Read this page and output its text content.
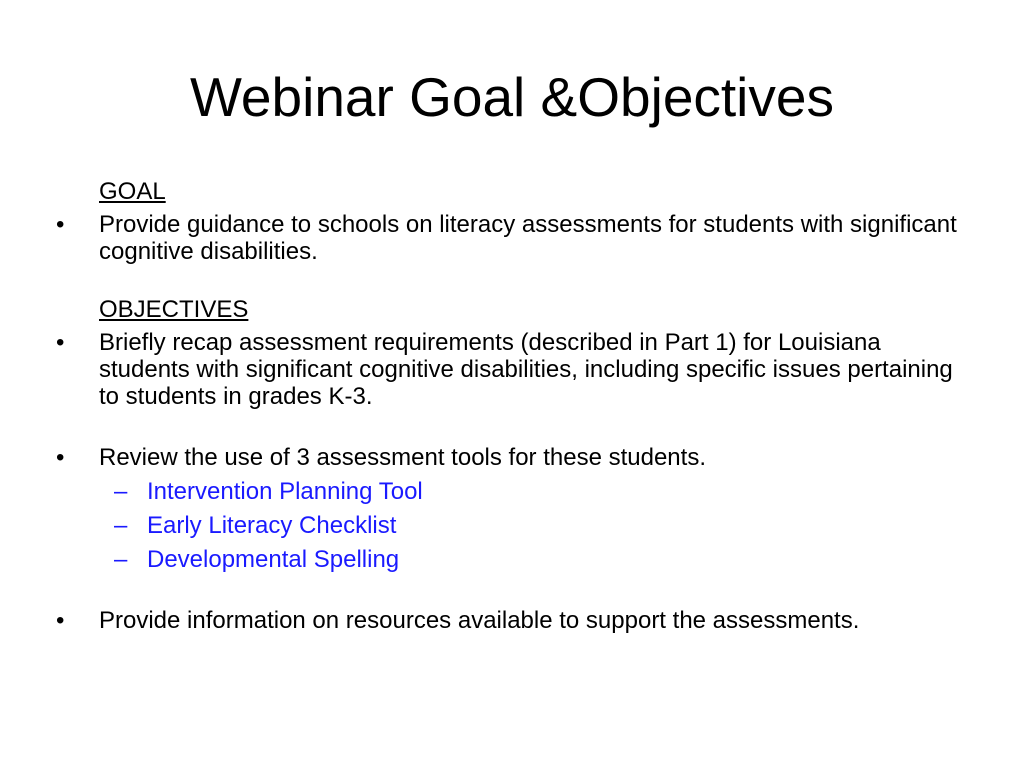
Webinar Goal &Objectives
GOAL
•	Provide guidance to schools on literacy assessments for students with significant cognitive disabilities.
OBJECTIVES
•	Briefly recap assessment requirements (described in Part 1) for Louisiana students with significant cognitive disabilities, including specific issues pertaining to students in grades K-3.
•	Review the use of 3 assessment tools for these students.
– Intervention Planning Tool
– Early Literacy Checklist
– Developmental Spelling
•	Provide information on resources available to support the assessments.
